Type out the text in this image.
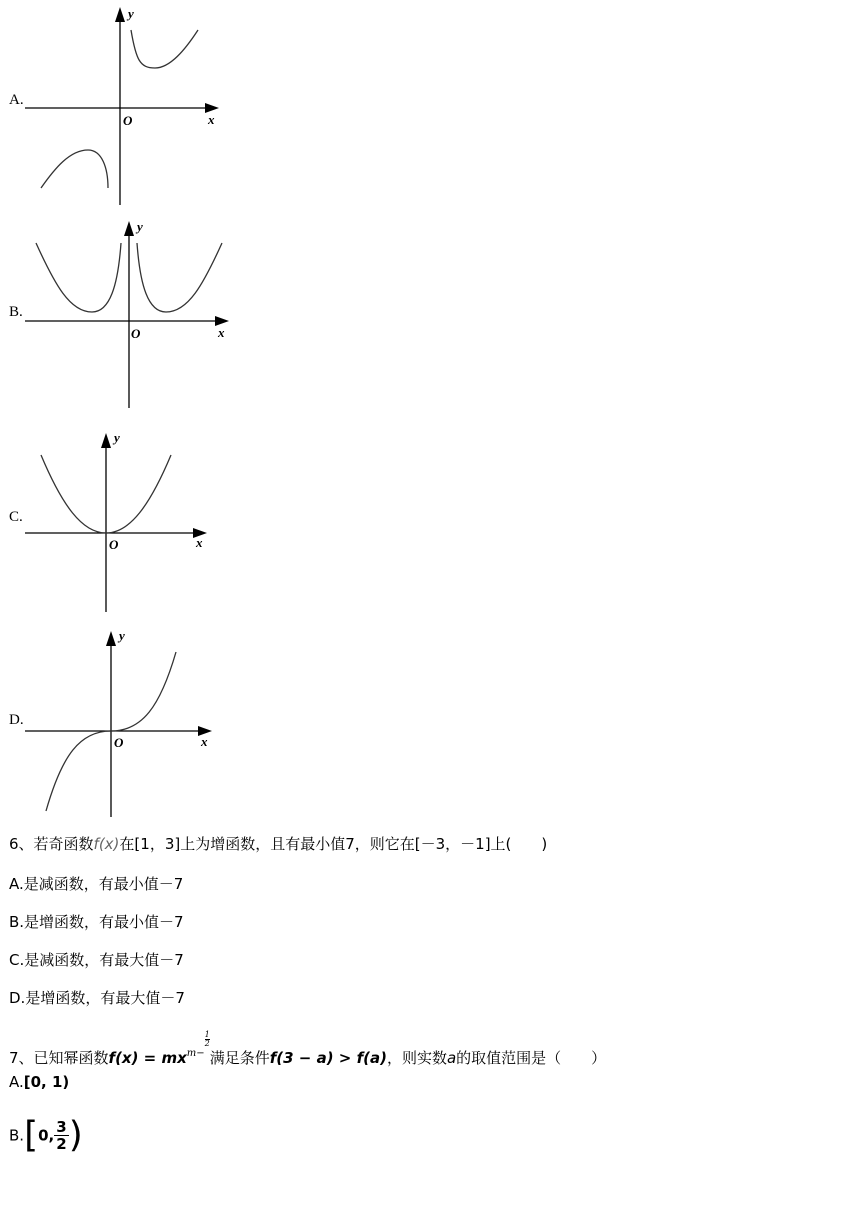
A.
y
O	x
B.
y
O	x
C.
y
O	x
D.
y
O	x
6、若奇函数f(x)在[1，3]上为增函数，且有最小值7，则它在[－3，－1]上(　　)
A.是减函数，有最小值－7
B.是增函数，有最小值－7
C.是减函数，有最大值－7
D.是增函数，有最大值－7
7、已知幂函数$f(x) = mx^{m- \frac{1}{2}}$
满足条件f(3 − a) > f(a)，则实数a的取值范围是（　　）
A.[0, 1)
B.[0, $\frac{3}{2}$ )
